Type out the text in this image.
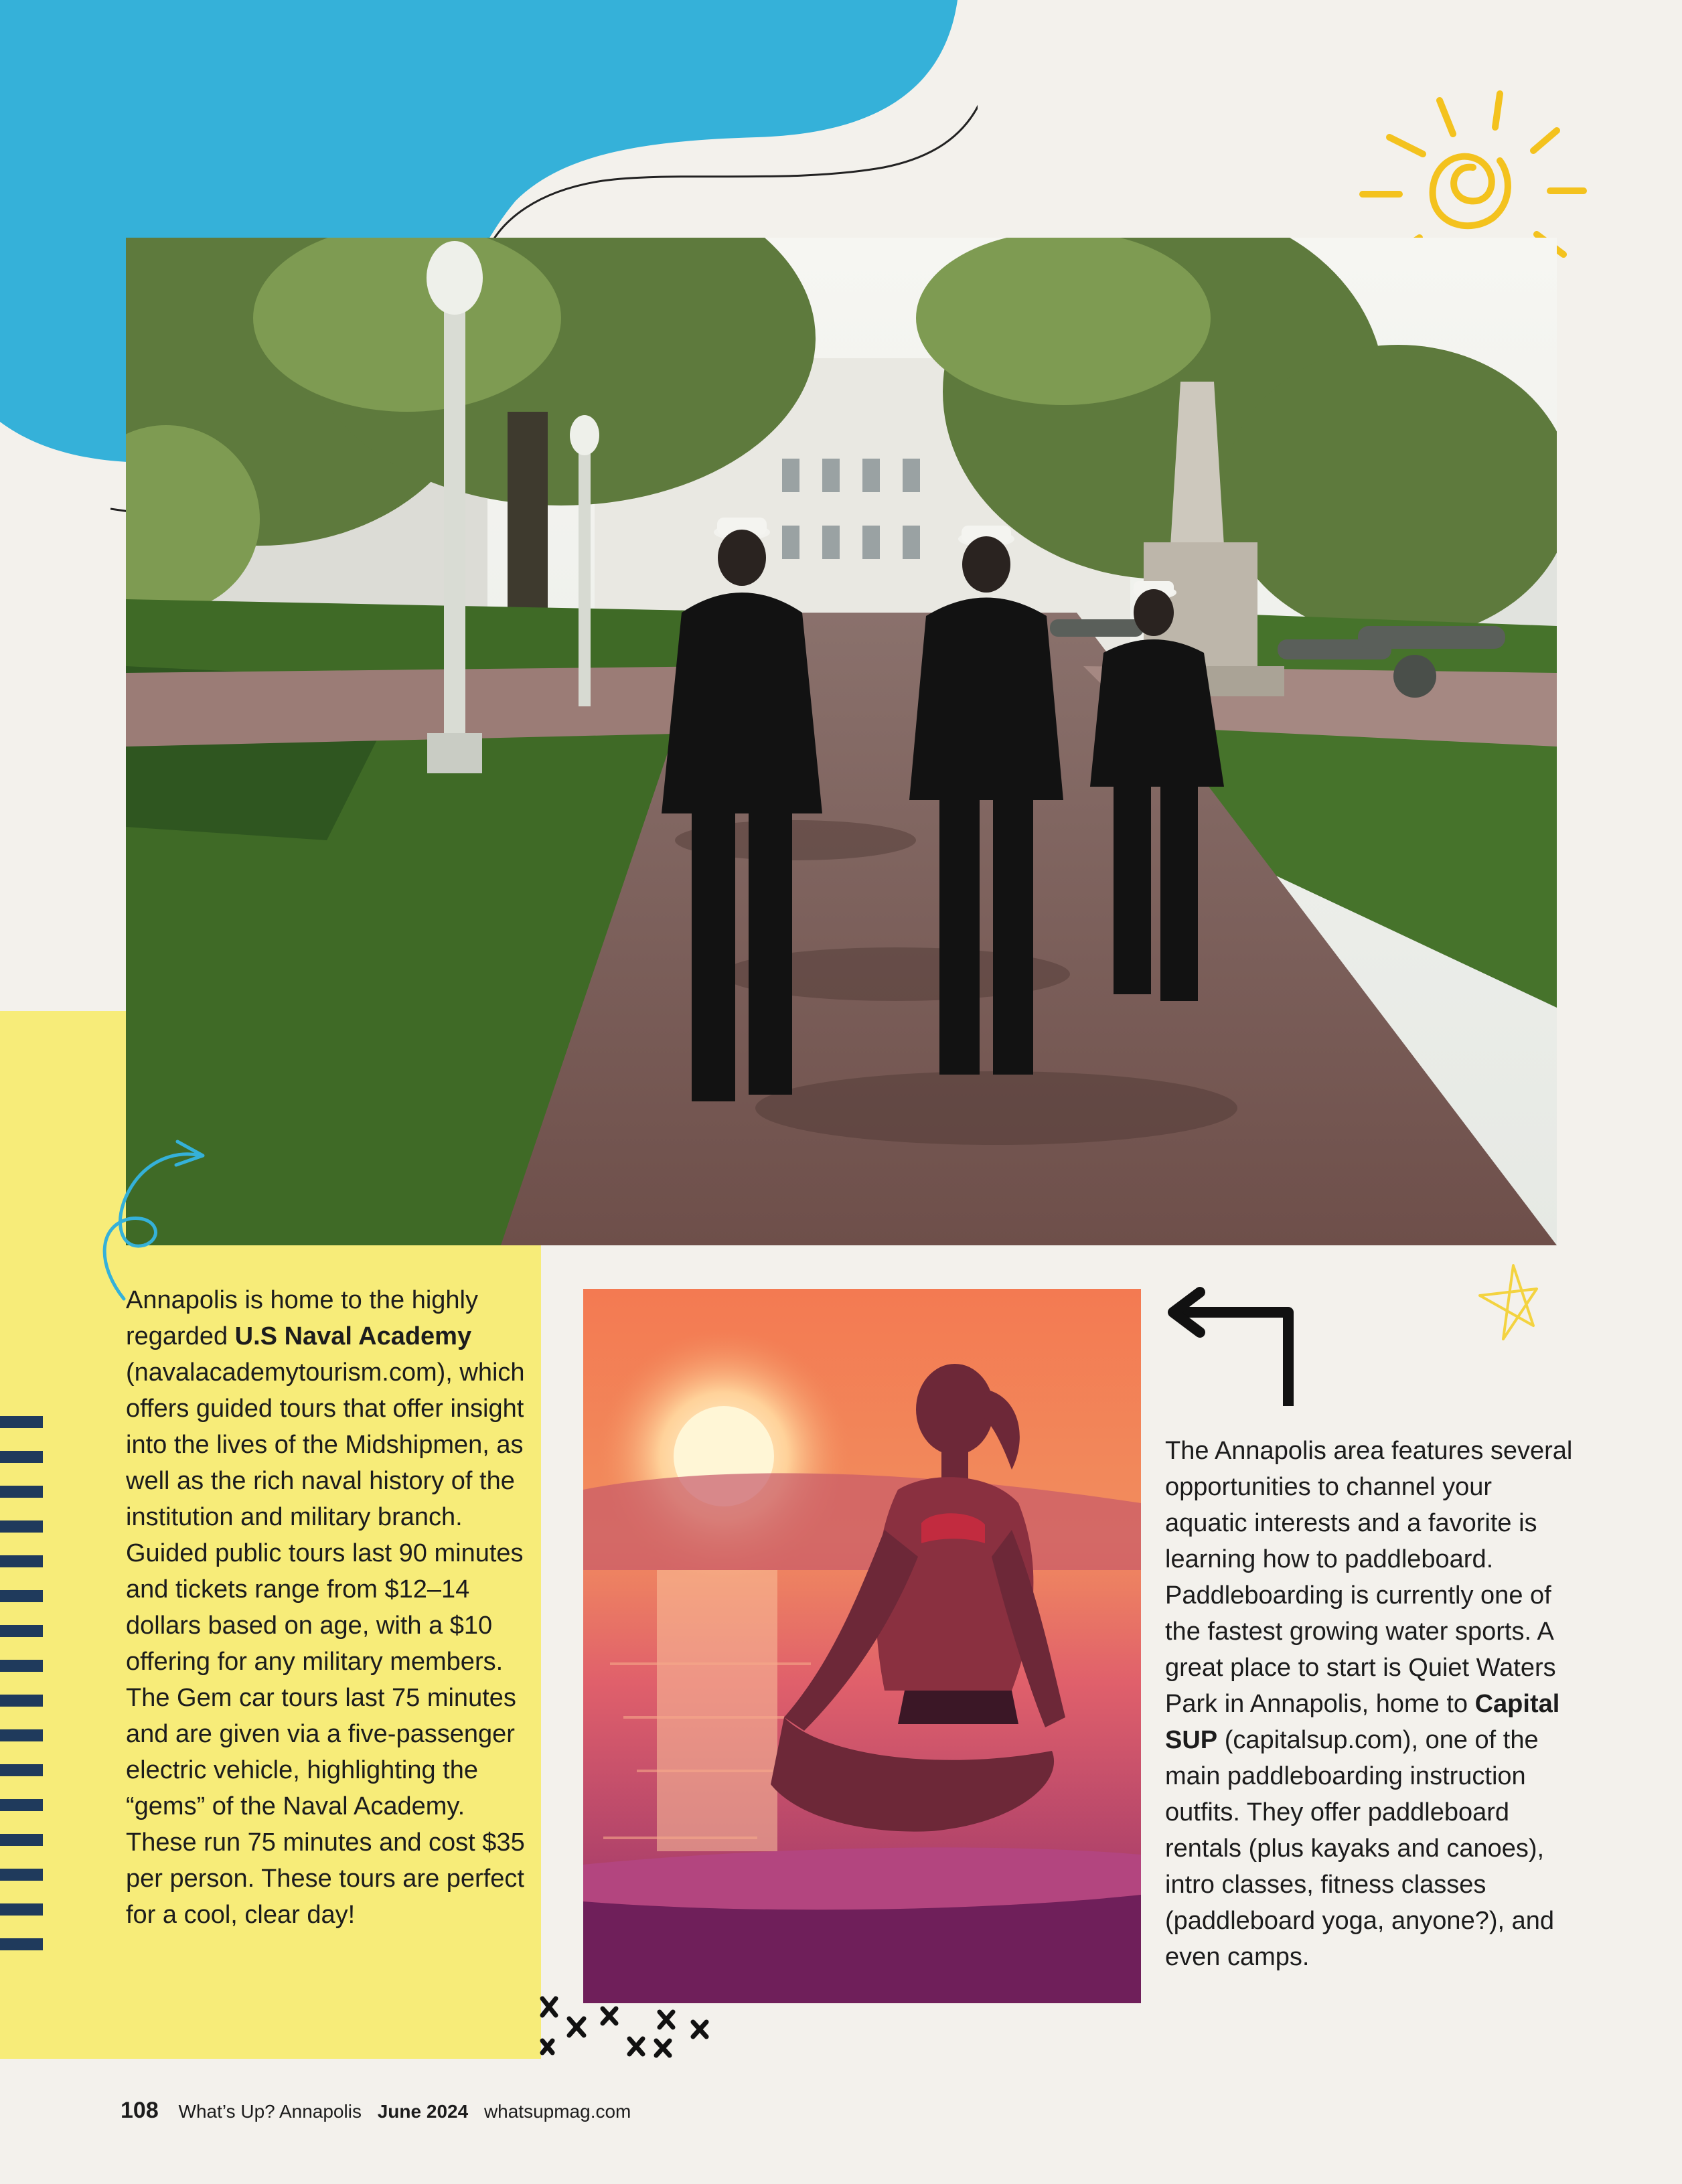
Annapolis is home to the highly regarded U.S Naval Academy (navalacademytourism.com), which offers guided tours that offer insight into the lives of the Midshipmen, as well as the rich naval history of the institution and military branch. Guided public tours last 90 minutes and tickets range from $12–14 dollars based on age, with a $10 offering for any military members. The Gem car tours last 75 minutes and are given via a five-passenger electric vehicle, highlighting the “gems” of the Naval Academy. These run 75 minutes and cost $35 per person. These tours are perfect for a cool, clear day!
The Annapolis area features several opportunities to channel your aquatic interests and a favorite is learning how to paddleboard. Paddleboarding is currently one of the fastest growing water sports. A great place to start is Quiet Waters Park in Annapolis, home to Capital SUP (capitalsup.com), one of the main paddleboarding instruction outfits. They offer paddleboard rentals (plus kayaks and canoes), intro classes, fitness classes (paddleboard yoga, anyone?), and even camps.
108 What’s Up? Annapolis June 2024 whatsupmag.com
